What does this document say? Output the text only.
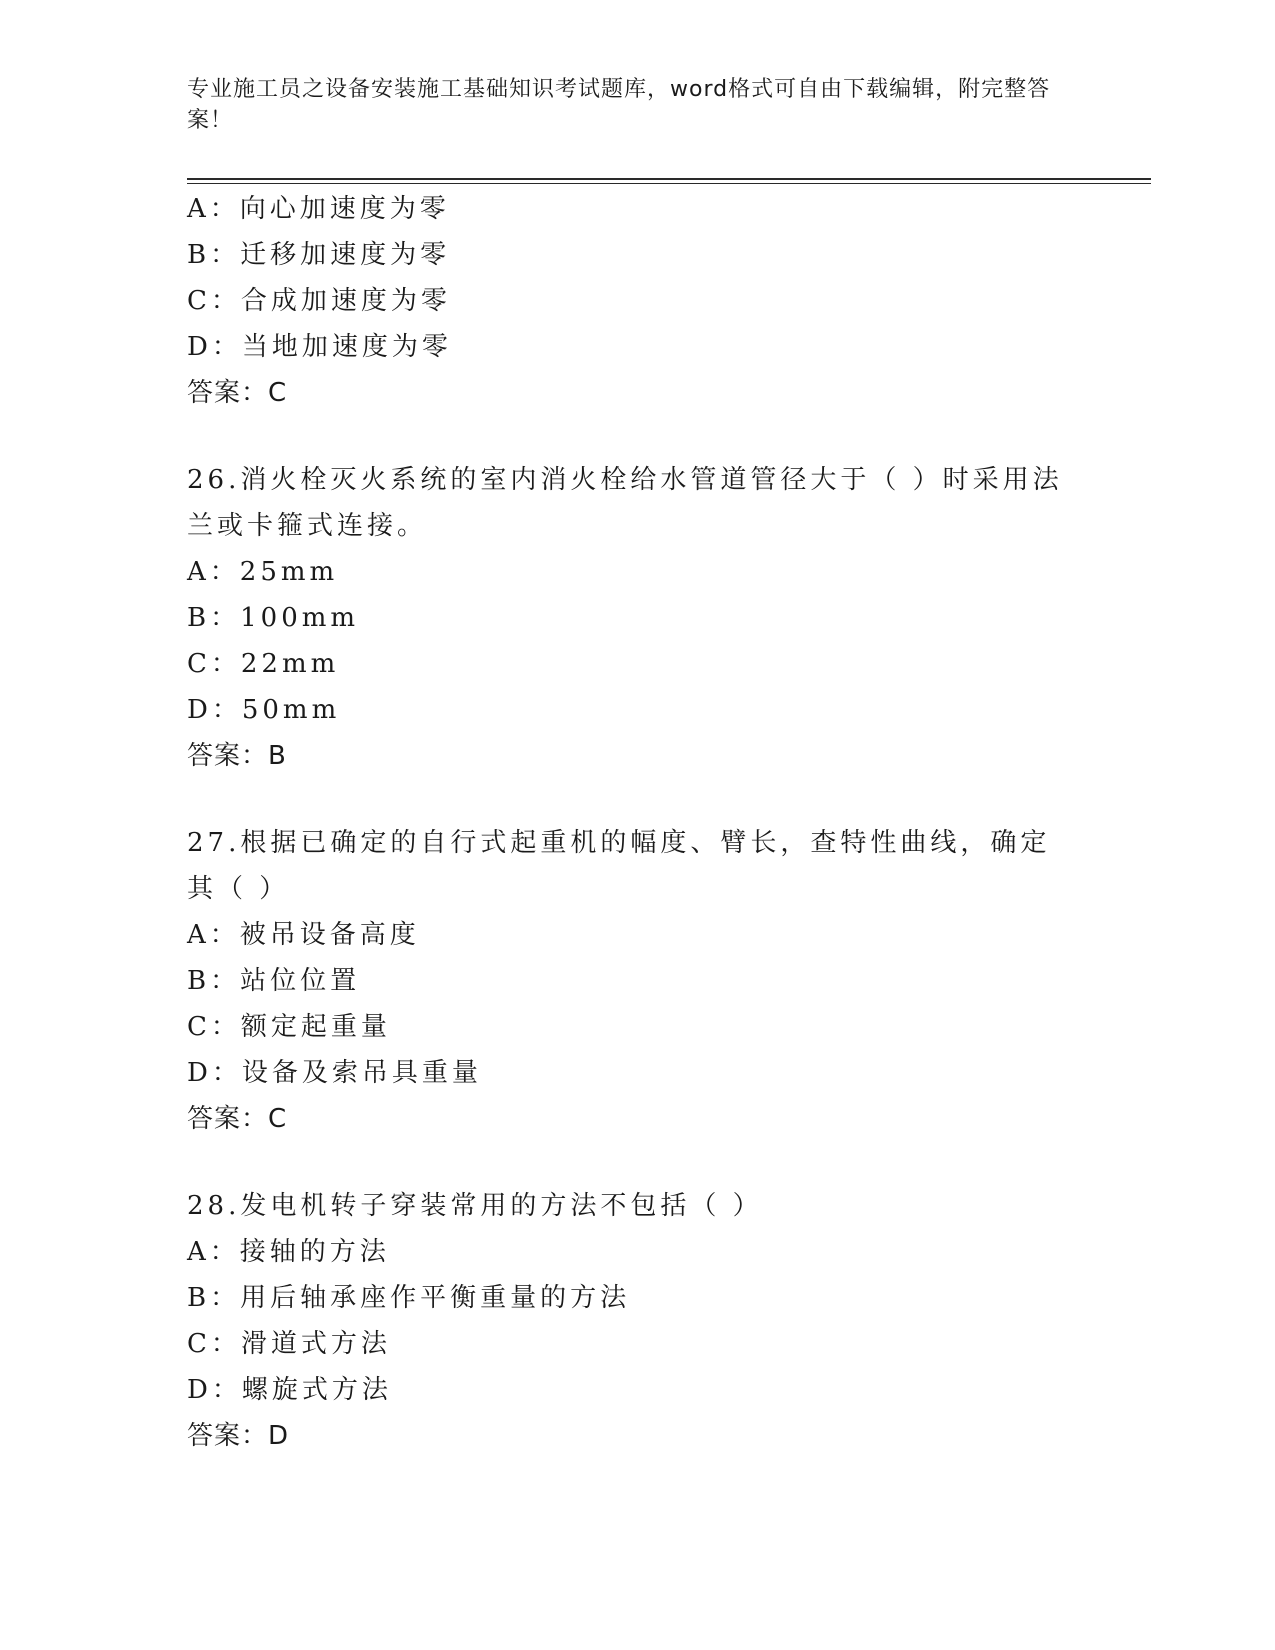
专业施工员之设备安装施工基础知识考试题库，word格式可自由下载编辑，附完整答案！
A：向心加速度为零
B：迁移加速度为零
C：合成加速度为零
D：当地加速度为零
答案：C
26.消火栓灭火系统的室内消火栓给水管道管径大于（ ）时采用法兰或卡箍式连接。
A：25mm
B：100mm
C：22mm
D：50mm
答案：B
27.根据已确定的自行式起重机的幅度、臂长，查特性曲线，确定其（ ）
A：被吊设备高度
B：站位位置
C：额定起重量
D：设备及索吊具重量
答案：C
28.发电机转子穿装常用的方法不包括（ ）
A：接轴的方法
B：用后轴承座作平衡重量的方法
C：滑道式方法
D：螺旋式方法
答案：D
